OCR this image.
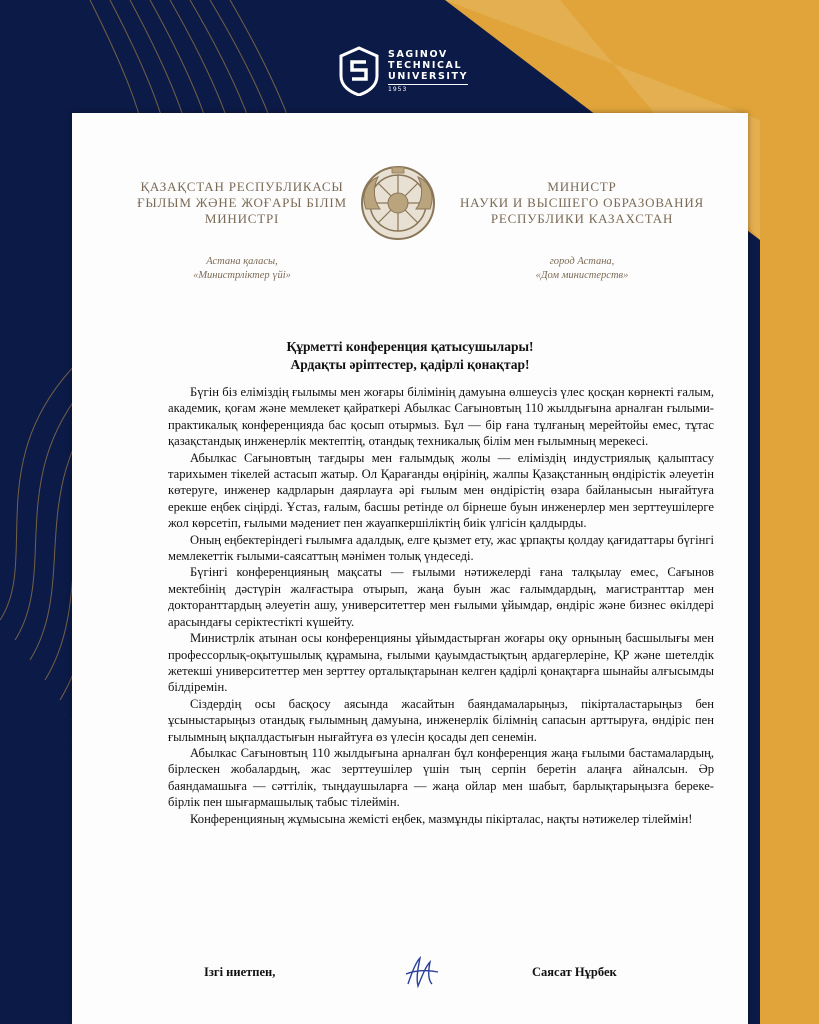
SAGINOV
TECHNICAL
UNIVERSITY
1953
ҚАЗАҚСТАН РЕСПУБЛИКАСЫ
ҒЫЛЫМ ЖӘНЕ ЖОҒАРЫ БІЛІМ
МИНИСТРІ
МИНИСТР
НАУКИ И ВЫСШЕГО ОБРАЗОВАНИЯ
РЕСПУБЛИКИ КАЗАХСТАН
Астана қаласы,
«Министрліктер үйі»
город Астана,
«Дом министерств»
Құрметті конференция қатысушылары!
Ардақты әріптестер, қадірлі қонақтар!

Бүгін біз еліміздің ғылымы мен жоғары білімінің дамуына өлшеусіз үлес қосқан көрнекті ғалым, академик, қоғам және мемлекет қайраткері Абылкас Сағыновтың 110 жылдығына арналған ғылыми-практикалық конференцияда бас қосып отырмыз. Бұл — бір ғана тұлғаның мерейтойы емес, тұтас қазақстандық инженерлік мектептің, отандық техникалық білім мен ғылымның мерекесі.

Абылкас Сағыновтың тағдыры мен ғалымдық жолы — еліміздің индустриялық қалыптасу тарихымен тікелей астасып жатыр. Ол Қарағанды өңірінің, жалпы Қазақстанның өндірістік әлеуетін көтеруге, инженер кадрларын даярлауға әрі ғылым мен өндірістің өзара байланысын нығайтуға ерекше еңбек сіңірді. Ұстаз, ғалым, басшы ретінде ол бірнеше буын инженерлер мен зерттеушілерге жол көрсетіп, ғылыми мәдениет пен жауапкершіліктің биік үлгісін қалдырды.

Оның еңбектеріндегі ғылымға адалдық, елге қызмет ету, жас ұрпақты қолдау қағидаттары бүгінгі мемлекеттік ғылыми-саясаттың мәнімен толық үндеседі.

Бүгінгі конференцияның мақсаты — ғылыми нәтижелерді ғана талқылау емес, Сағынов мектебінің дәстүрін жалғастыра отырып, жаңа буын жас ғалымдардың, магистранттар мен докторанттардың әлеуетін ашу, университеттер мен ғылыми ұйымдар, өндіріс және бизнес өкілдері арасындағы серіктестікті күшейту.

Министрлік атынан осы конференцияны ұйымдастырған жоғары оқу орнының басшылығы мен профессорлық-оқытушылық құрамына, ғылыми қауымдастықтың ардагерлеріне, ҚР және шетелдік жетекші университеттер мен зерттеу орталықтарынан келген қадірлі қонақтарға шынайы алғысымды білдіремін.

Сіздердің осы басқосу аясында жасайтын баяндамаларыңыз, пікірталастарыңыз бен ұсыныстарыңыз отандық ғылымның дамуына, инженерлік білімнің сапасын арттыруға, өндіріс пен ғылымның ықпалдастығын нығайтуға өз үлесін қосады деп сенемін.

Абылкас Сағыновтың 110 жылдығына арналған бұл конференция жаңа ғылыми бастамалардың, бірлескен жобалардың, жас зерттеушілер үшін тың серпін беретін алаңға айналсын. Әр баяндамашыға — сәттілік, тыңдаушыларға — жаңа ойлар мен шабыт, барлықтарыңызға береке-бірлік пен шығармашылық табыс тілеймін.

Конференцияның жұмысына жемісті еңбек, мазмұнды пікірталас, нақты нәтижелер тілеймін!

Ізгі ниетпен,	Саясат Нұрбек
